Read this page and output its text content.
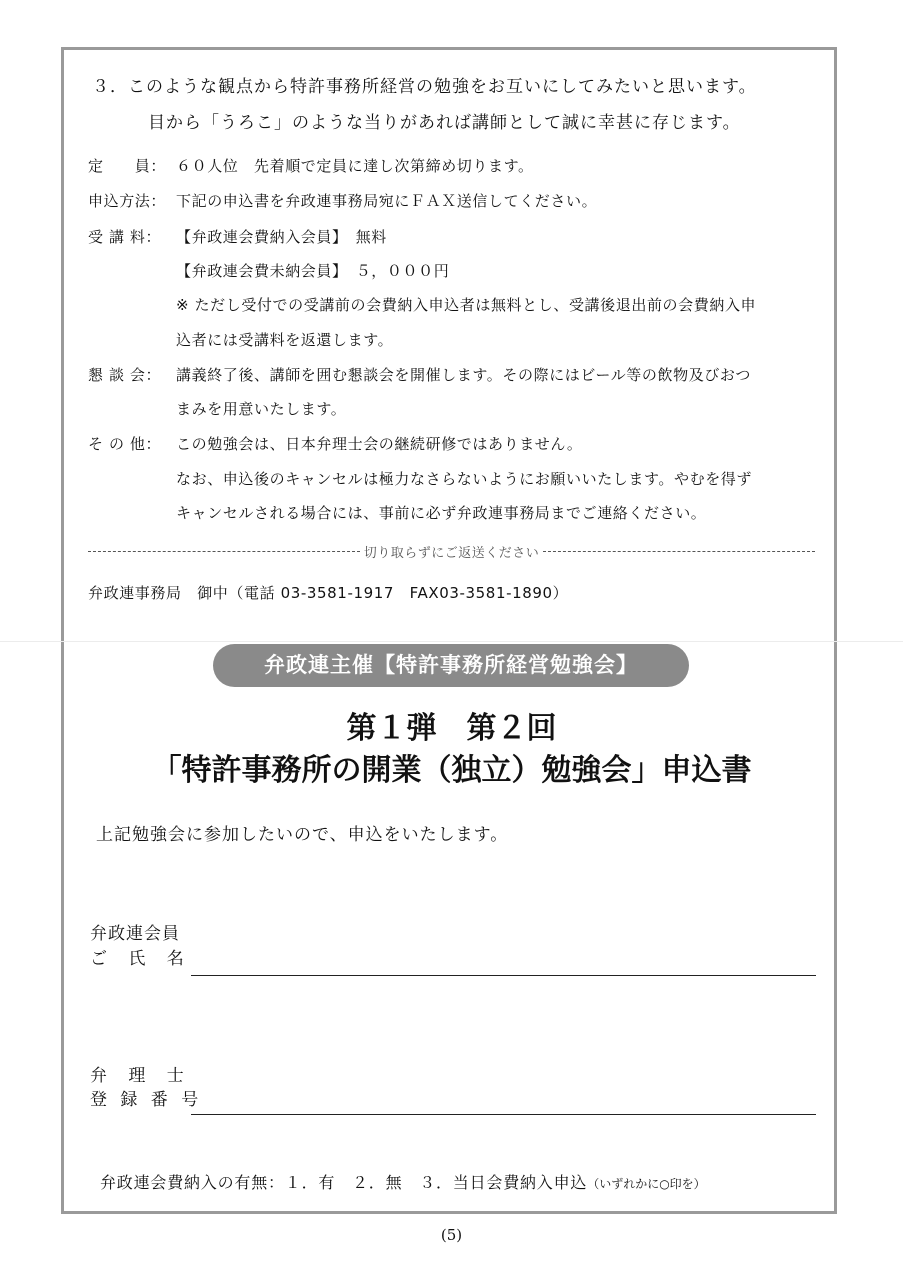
３．このような観点から特許事務所経営の勉強をお互いにしてみたいと思います。
目から「うろこ」のような当りがあれば講師として誠に幸甚に存じます。
定　　員： ６０人位　先着順で定員に達し次第締め切ります。
申込方法： 下記の申込書を弁政連事務局宛にＦＡＸ送信してください。
受 講 料： 【弁政連会費納入会員】　無料
【弁政連会費未納会員】　５，０００円
※ ただし受付での受講前の会費納入申込者は無料とし、受講後退出前の会費納入申
込者には受講料を返還します。
懇 談 会： 講義終了後、講師を囲む懇談会を開催します。その際にはビール等の飲物及びおつ
まみを用意いたします。
そ の 他： この勉強会は、日本弁理士会の継続研修ではありません。
なお、申込後のキャンセルは極力なさらないようにお願いいたします。やむを得ず
キャンセルされる場合には、事前に必ず弁政連事務局までご連絡ください。
切り取らずにご返送ください
弁政連事務局　御中（電話 03-3581-1917　FAX03-3581-1890）
弁政連主催【特許事務所経営勉強会】
第１弾　第２回
「特許事務所の開業（独立）勉強会」申込書
上記勉強会に参加したいので、申込をいたします。
弁政連会員
ご 氏 名
弁 理 士
登 録 番 号
弁政連会費納入の有無：１．有　２．無　３．当日会費納入申込（いずれかに○印を）
(5)
